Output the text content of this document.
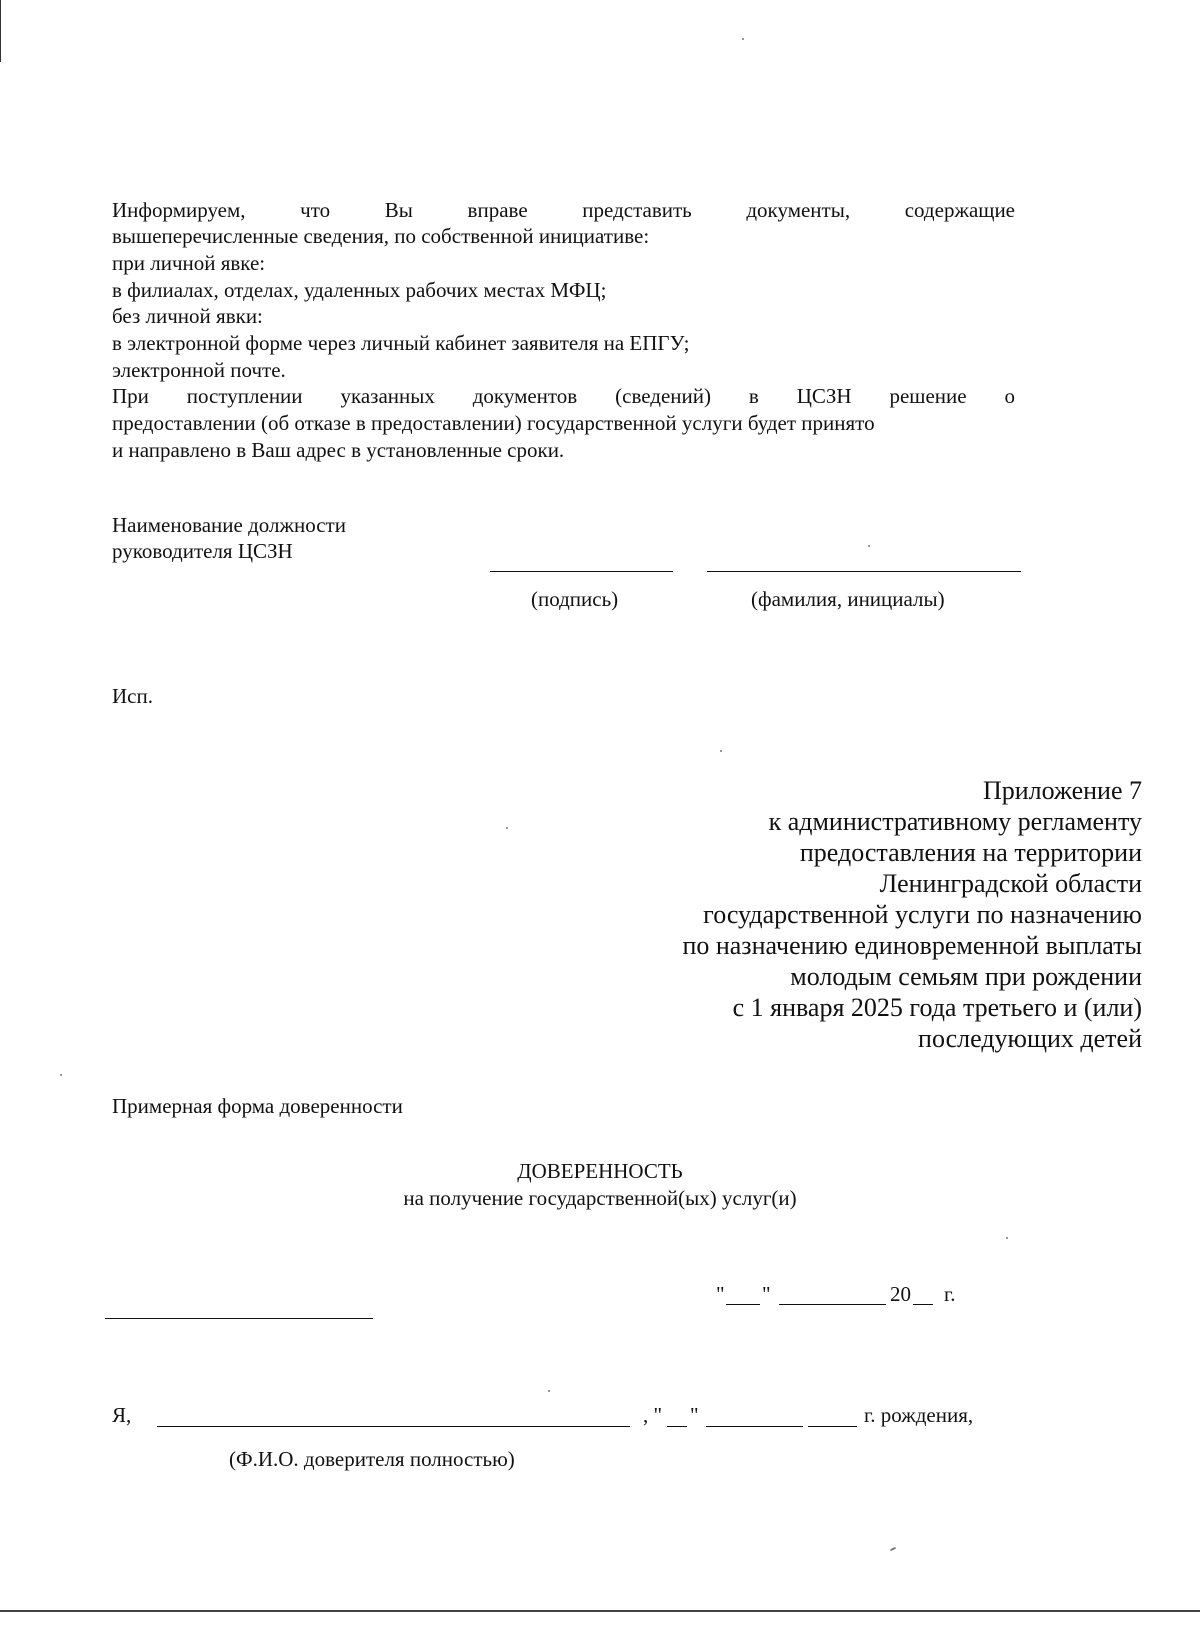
Информируем,	что	Вы	вправе	представить	документы,	содержащие
вышеперечисленные сведения, по собственной инициативе:
при личной явке:
в филиалах, отделах, удаленных рабочих местах МФЦ;
без личной явки:
в электронной форме через личный кабинет заявителя на ЕПГУ;
электронной почте.
При поступлении указанных документов (сведений) в ЦСЗН решение о
предоставлении (об отказе в предоставлении) государственной услуги будет принято
и направлено в Ваш адрес в установленные сроки.
Наименование должности
руководителя ЦСЗН
(подпись)	(фамилия, инициалы)
Исп.
Приложение 7
к административному регламенту
предоставления на территории
Ленинградской области
государственной услуги по назначению
по назначению единовременной выплаты
молодым семьям при рождении
с 1 января 2025 года третьего и (или)
последующих детей
Примерная форма доверенности
ДОВЕРЕННОСТЬ
на получение государственной(ых) услуг(и)
" "	20 г.
Я,	, " "	г. рождения,
(Ф.И.О. доверителя полностью)
